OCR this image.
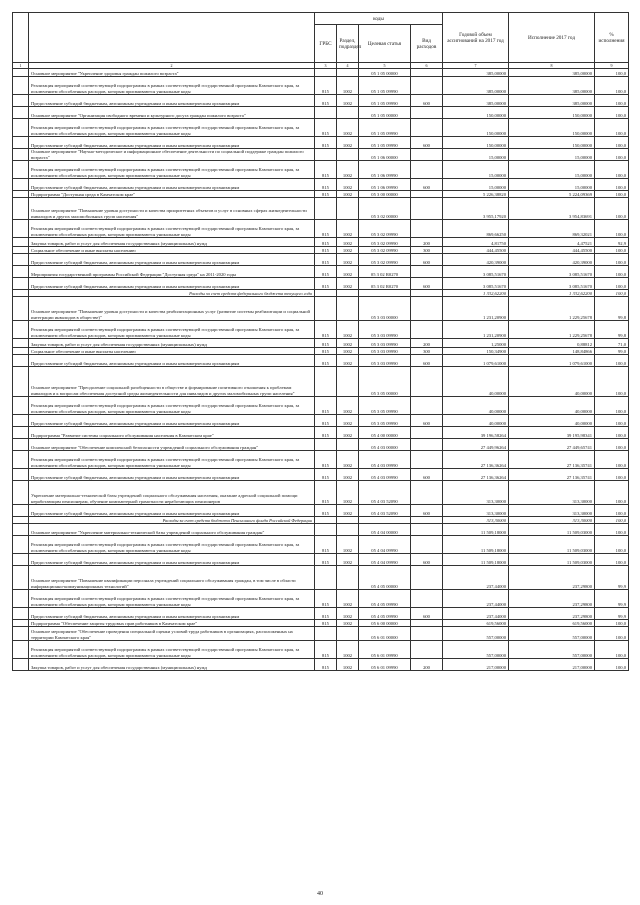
		коды				Годовой объем ассигнований на 2017 год	Исполнение 2017 год	% исполнения
		ГРБС	Раздел, подраздел	Целевая статья	Вид расходов			
1	2	3	4	5	6	7	8	9
	Основное мероприятие "Укрепление здоровья граждан пожилого возраста"			05 1 05 00000		385,00000	385,00000	100,0
	Реализация мероприятий соответствующей подпрограммы в рамках соответствующей государственной программы Камчатского края, за исключением обособленных расходов, которым присваиваются уникальные коды	815	1002	05 1 05 09990		385,00000	385,00000	100,0
	Предоставление субсидий бюджетным, автономным учреждениям и иным некоммерческим организациям	815	1002	05 1 05 09990	600	385,00000	385,00000	100,0
	Основное мероприятие "Организация свободного времени и культурного досуга граждан пожилого возраста"			05 1 05 00000		150,00000	150,00000	100,0
	Реализация мероприятий соответствующей подпрограммы в рамках соответствующей государственной программы Камчатского края, за исключением обособленных расходов, которым присваиваются уникальные коды	815	1002	05 1 05 09990		150,00000	150,00000	100,0
	Предоставление субсидий бюджетным, автономным учреждениям и иным некоммерческим организациям	815	1002	05 1 05 09990	600	150,00000	150,00000	100,0
	Основное мероприятие "Научно-методическое и информационное обеспечение деятельности по социальной поддержке граждан пожилого возраста"			05 1 06 00000		15,00000	15,00000	100,0
	Реализация мероприятий соответствующей подпрограммы в рамках соответствующей государственной программы Камчатского края, за исключением обособленных расходов, которым присваиваются уникальные коды	815	1002	05 1 06 09990		15,00000	15,00000	100,0
	Предоставление субсидий бюджетным, автономным учреждениям и иным некоммерческим организациям	815	1002	05 1 06 09990	600	15,00000	15,00000	100,0
	Подпрограмма "Доступная среда в Камчатском крае"	815	1002	05 3 00 00000		5 226,38820	5 224,09369	100,0
	Основное мероприятие "Повышение уровня доступности и качества приоритетных объектов и услуг в основных сферах жизнедеятельности инвалидов и других маломобильных групп населения"			05 3 02 00000		3 955,17920	3 954,83691	100,0
	Реализация мероприятий соответствующей подпрограммы в рамках соответствующей государственной программы Камчатского края, за исключением обособленных расходов, которым присваиваются уникальные коды	815	1002	05 3 02 09990		869,66250	869,32021	100,0
	Закупка товаров, работ и услуг для обеспечения государственных (муниципальных) нужд	815	1002	05 3 02 09990	200	4,81750	4,47521	92,9
	Социальное обеспечение и иные выплаты населению	815	1002	05 3 02 09990	300	444,45500	444,45500	100,0
	Предоставление субсидий бюджетным, автономным учреждениям и иным некоммерческим организациям	815	1002	05 3 02 09990	600	420,39000	420,39000	100,0
	Мероприятия государственной программы Российской Федерации "Доступная среда" на 2011-2020 годы	815	1002	05 3 02 R0270		3 085,51670	3 085,51670	100,0
	Предоставление субсидий бюджетным, автономным учреждениям и иным некоммерческим организациям	815	1002	05 3 02 R0270	600	3 085,51670	3 085,51670	100,0
	Расходы за счет средств федерального бюджета текущего года					1 332,62200	1 332,62200	100,0
	Основное мероприятие "Повышение уровня доступности и качества реабилитационных услуг (развитие системы реабилитации и социальной интеграции инвалидов в обществе)"			05 3 03 00000		1 231,20900	1 229,25678	99,8
	Реализация мероприятий соответствующей подпрограммы в рамках соответствующей государственной программы Камчатского края, за исключением обособленных расходов, которым присваиваются уникальные коды	815	1002	05 3 03 09990		1 231,20900	1 229,25678	99,8
	Закупка товаров, работ и услуг для обеспечения государственных (муниципальных) нужд	815	1002	05 3 03 09990	200	1,25000	0,88812	71,0
	Социальное обеспечение и иные выплаты населению	815	1002	05 3 03 09990	300	150,34900	148,84866	99,0
	Предоставление субсидий бюджетным, автономным учреждениям и иным некоммерческим организациям	815	1002	05 3 03 09990	600	1 079,61000	1 079,61000	100,0
	Основное мероприятие "Преодоление социальной разобщенности в обществе и формирование позитивного отношения к проблемам инвалидов и к вопросам обеспечения доступной среды жизнедеятельности для инвалидов и других маломобильных групп населения"			05 3 05 00000		40,00000	40,00000	100,0
	Реализация мероприятий соответствующей подпрограммы в рамках соответствующей государственной программы Камчатского края, за исключением обособленных расходов, которым присваиваются уникальные коды	815	1002	05 3 05 09990		40,00000	40,00000	100,0
	Предоставление субсидий бюджетным, автономным учреждениям и иным некоммерческим организациям	815	1002	05 3 05 09990	600	40,00000	40,00000	100,0
	Подпрограмма "Развитие системы социального обслуживания населения в Камчатском крае"	815	1002	05 4 00 00000		39 196,58264	39 195,98341	100,0
	Основное мероприятие "Обеспечение комплексной безопасности учреждений социального обслуживания граждан"			05 4 03 00000		27 449,96264	27 449,65741	100,0
	Реализация мероприятий соответствующей подпрограммы в рамках соответствующей государственной программы Камчатского края, за исключением обособленных расходов, которым присваиваются уникальные коды	815	1002	05 4 03 09990		27 136,36264	27 136,35741	100,0
	Предоставление субсидий бюджетным, автономным учреждениям и иным некоммерческим организациям	815	1002	05 4 03 09990	600	27 136,36264	27 136,35741	100,0
	Укрепление материально-технической базы учреждений социального обслуживания населения, оказание адресной социальной помощи неработающим пенсионерам, обучение компьютерной грамотности неработающих пенсионеров	815	1002	05 4 03 52090		313,30000	313,30000	100,0
	Предоставление субсидий бюджетным, автономным учреждениям и иным некоммерческим организациям	815	1002	05 4 03 52090	600	313,30000	313,30000	100,0
	Расходы за счет средств бюджета Пенсионного фонда Российской Федерации					313,30000	313,30000	100,0
	Основное мероприятие "Укрепление материально-технической базы учреждений социального обслуживания граждан"			05 4 04 00000		11 509,18000	11 509,03000	100,0
	Реализация мероприятий соответствующей подпрограммы в рамках соответствующей государственной программы Камчатского края, за исключением обособленных расходов, которым присваиваются уникальные коды	815	1002	05 4 04 09990		11 509,18000	11 509,03000	100,0
	Предоставление субсидий бюджетным, автономным учреждениям и иным некоммерческим организациям	815	1002	05 4 04 09990	600	11 509,18000	11 509,03000	100,0
	Основное мероприятие "Повышение квалификации персонала учреждений социального обслуживания граждан, в том числе в области информационно-коммуникационных технологий"			05 4 05 00000		237,44000	237,29800	99,9
	Реализация мероприятий соответствующей подпрограммы в рамках соответствующей государственной программы Камчатского края, за исключением обособленных расходов, которым присваиваются уникальные коды	815	1002	05 4 05 09990		237,44000	237,29800	99,9
	Предоставление субсидий бюджетным, автономным учреждениям и иным некоммерческим организациям	815	1002	05 4 05 09990	600	237,44000	237,29800	99,9
	Подпрограмма "Обеспечение защиты трудовых прав работников в Камчатском крае"	815	1002	05 6 00 00000		619,56000	619,56000	100,0
	Основное мероприятие "Обеспечение проведения специальной оценки условий труда работников в организациях, расположенных на территории Камчатского края"			05 6 01 00000		557,00000	557,00000	100,0
	Реализация мероприятий соответствующей подпрограммы в рамках соответствующей государственной программы Камчатского края, за исключением обособленных расходов, которым присваиваются уникальные коды	815	1002	05 6 01 09990		557,00000	557,00000	100,0
	Закупка товаров, работ и услуг для обеспечения государственных (муниципальных) нужд	815	1002	05 6 01 09990	200	217,00000	217,00000	100,0
40
